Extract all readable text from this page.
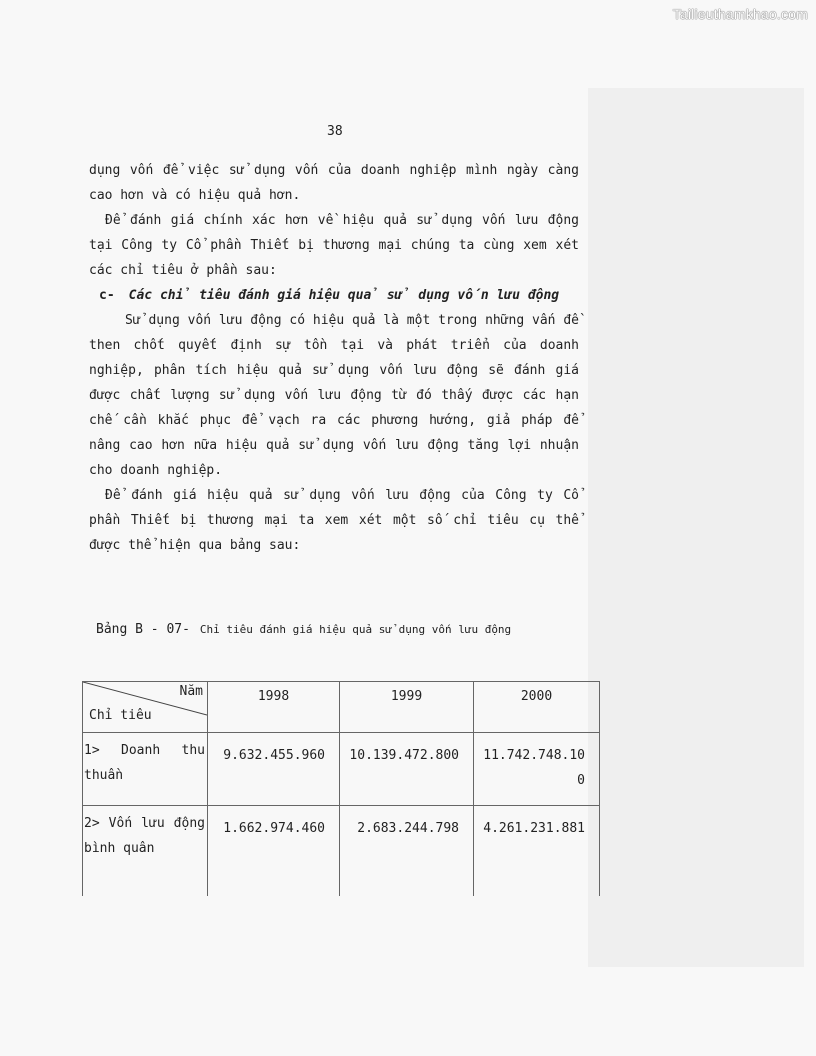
Tailieuthamkhao.com
38

dụng vốn để việc sử dụng vốn của doanh nghiệp mình ngày càng cao hơn và có hiệu quả hơn.

Để đánh giá chính xác hơn về hiệu quả sử dụng vốn lưu động tại Công ty Cổ phần Thiết bị thương mại chúng ta cùng xem xét các chỉ tiêu ở phần sau:

c- Các chỉ tiêu đánh giá hiệu quả sử dụng vốn lưu động

Sử dụng vốn lưu động có hiệu quả là một trong những vấn đề then chốt quyết định sự tồn tại và phát triển của doanh nghiệp, phân tích hiệu quả sử dụng vốn lưu động sẽ đánh giá được chất lượng sử dụng vốn lưu động từ đó thấy được các hạn chế cần khắc phục để vạch ra các phương hướng, giả pháp để nâng cao hơn nữa hiệu quả sử dụng vốn lưu động tăng lợi nhuận cho doanh nghiệp.

Để đánh giá hiệu quả sử dụng vốn lưu động của Công ty Cổ phần Thiết bị thương mại ta xem xét một số chỉ tiêu cụ thể được thể hiện qua bảng sau:

Bảng B - 07- Chỉ tiêu đánh giá hiệu quả sử dụng vốn lưu động
Năm
Chỉ tiêu	1998	1999	2000
1> Doanh thu thuần	9.632.455.960	10.139.472.800	11.742.748.100
2> Vốn lưu động bình quân	1.662.974.460	2.683.244.798	4.261.231.881
